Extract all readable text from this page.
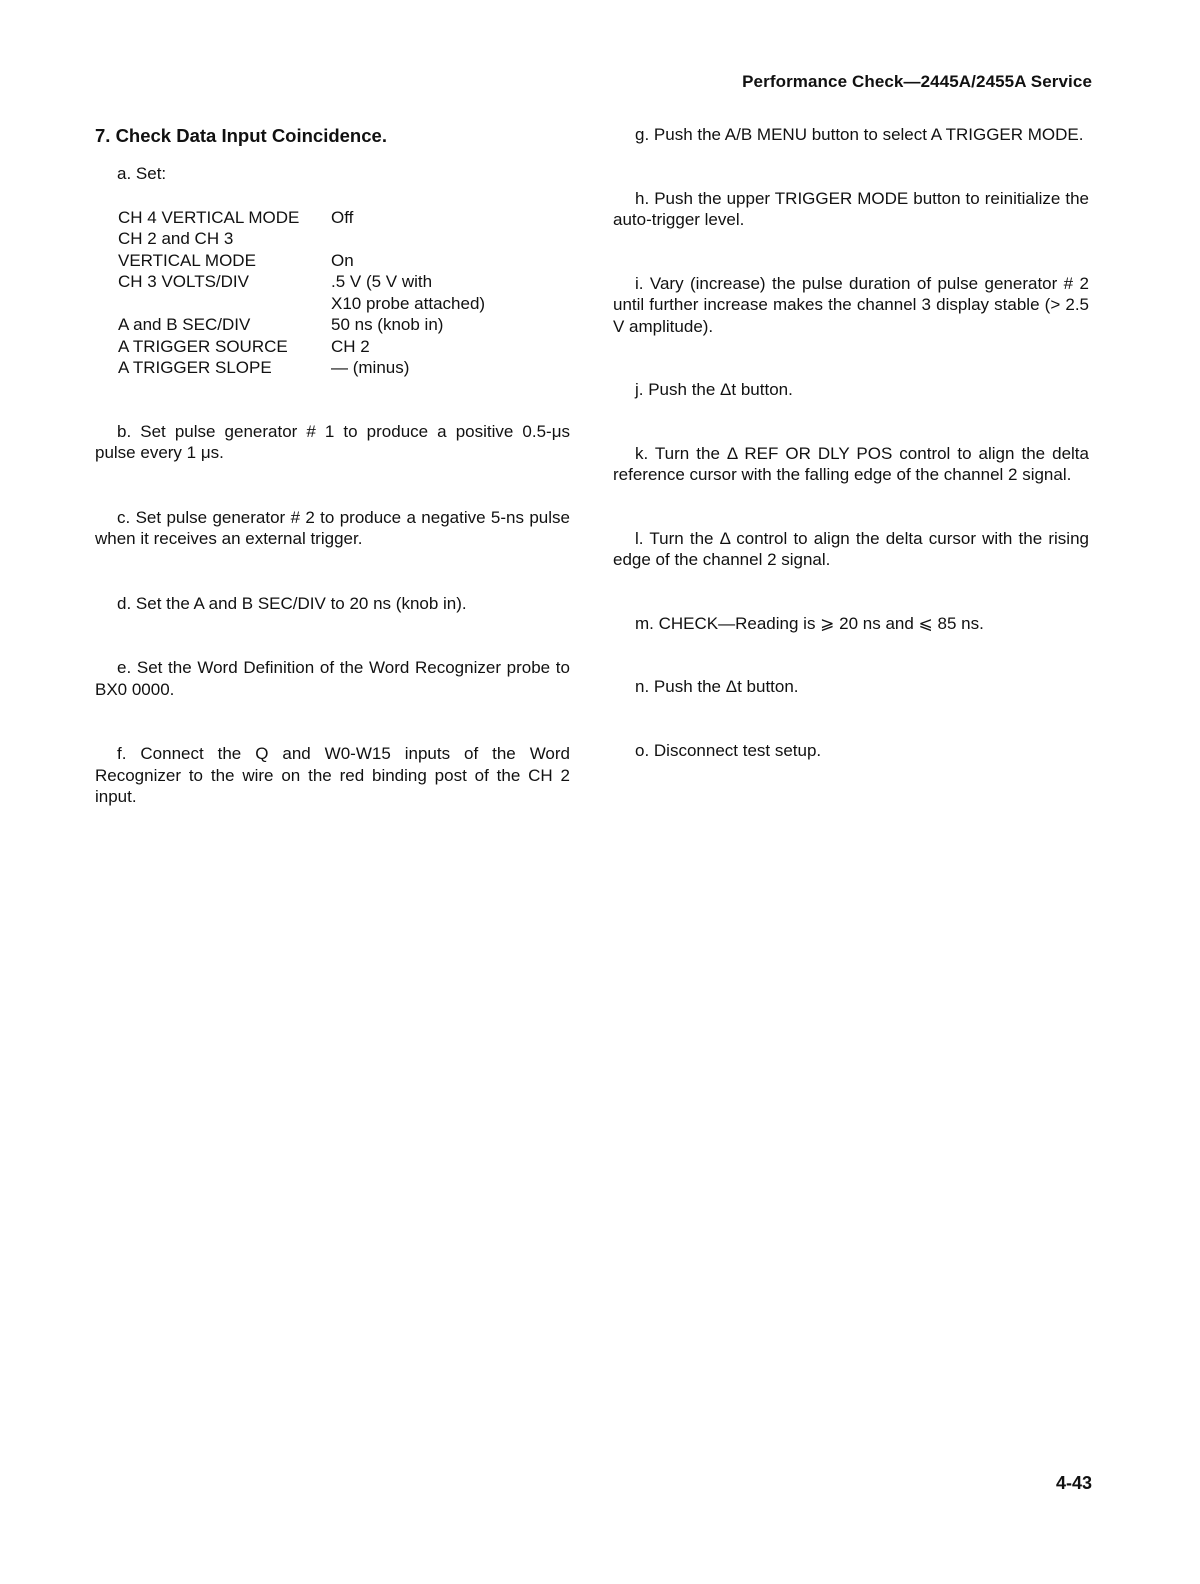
Performance Check—2445A/2455A Service
7. Check Data Input Coincidence.

a. Set:

CH 4 VERTICAL MODE	Off
CH 2 and CH 3	
VERTICAL MODE	On
CH 3 VOLTS/DIV	.5 V (5 V with
	X10 probe attached)
A and B SEC/DIV	50 ns (knob in)
A TRIGGER SOURCE	CH 2
A TRIGGER SLOPE	— (minus)

b. Set pulse generator # 1 to produce a positive 0.5-μs pulse every 1 μs.

c. Set pulse generator # 2 to produce a negative 5-ns pulse when it receives an external trigger.

d. Set the A and B SEC/DIV to 20 ns (knob in).

e. Set the Word Definition of the Word Recognizer probe to BX0 0000.

f. Connect the Q and W0-W15 inputs of the Word Recognizer to the wire on the red binding post of the CH 2 input.

g. Push the A/B MENU button to select A TRIGGER MODE.

h. Push the upper TRIGGER MODE button to reinitialize the auto-trigger level.

i. Vary (increase) the pulse duration of pulse generator # 2 until further increase makes the channel 3 display stable (> 2.5 V amplitude).

j. Push the Δt button.

k. Turn the Δ REF OR DLY POS control to align the delta reference cursor with the falling edge of the channel 2 signal.

l. Turn the Δ control to align the delta cursor with the rising edge of the channel 2 signal.

m. CHECK—Reading is ⩾ 20 ns and ⩽ 85 ns.

n. Push the Δt button.

o. Disconnect test setup.

4-43
